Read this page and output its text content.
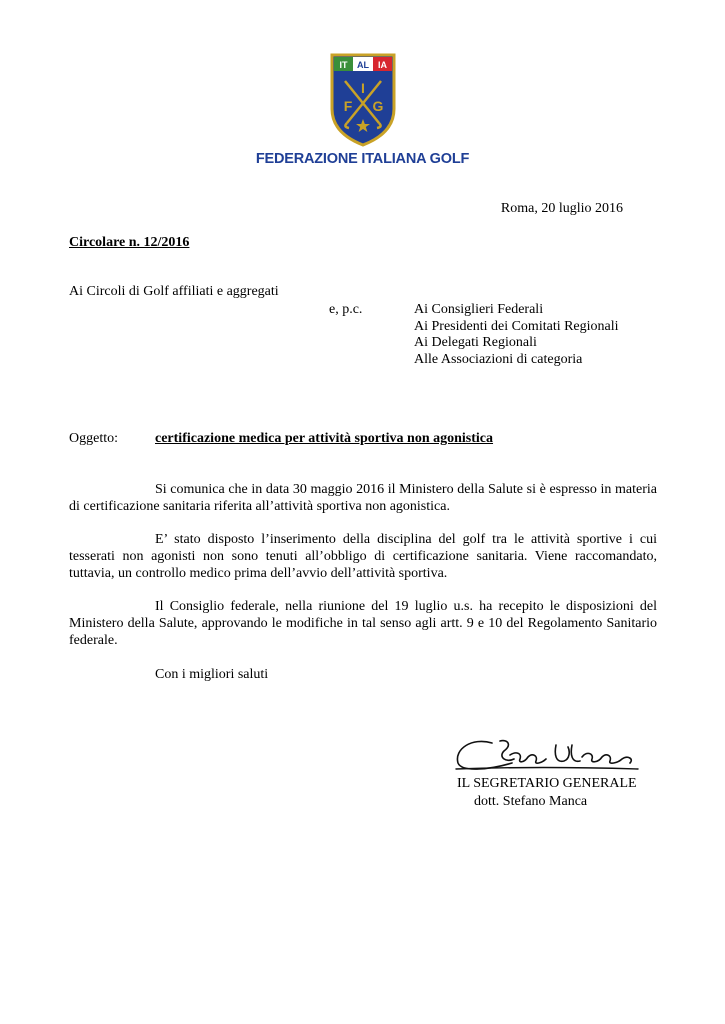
IT AL IA
I
F G
FEDERAZIONE ITALIANA GOLF
Roma, 20 luglio 2016
Circolare n. 12/2016
Ai Circoli di Golf affiliati e aggregati
e, p.c.	Ai Consiglieri Federali
Ai Presidenti dei Comitati Regionali
Ai Delegati Regionali
Alle Associazioni di categoria
Oggetto:	certificazione medica per attività sportiva non agonistica
Si comunica che in data 30 maggio 2016 il Ministero della Salute si è espresso in materia di certificazione sanitaria riferita all’attività sportiva non agonistica.
E’ stato disposto l’inserimento della disciplina del golf tra le attività sportive i cui tesserati non agonisti non sono tenuti all’obbligo di certificazione sanitaria. Viene raccomandato, tuttavia, un controllo medico prima dell’avvio dell’attività sportiva.
Il Consiglio federale, nella riunione del 19 luglio u.s. ha recepito le disposizioni del Ministero della Salute, approvando le modifiche in tal senso agli artt. 9 e 10 del Regolamento Sanitario federale.
Con i migliori saluti
IL SEGRETARIO GENERALE
dott. Stefano Manca
